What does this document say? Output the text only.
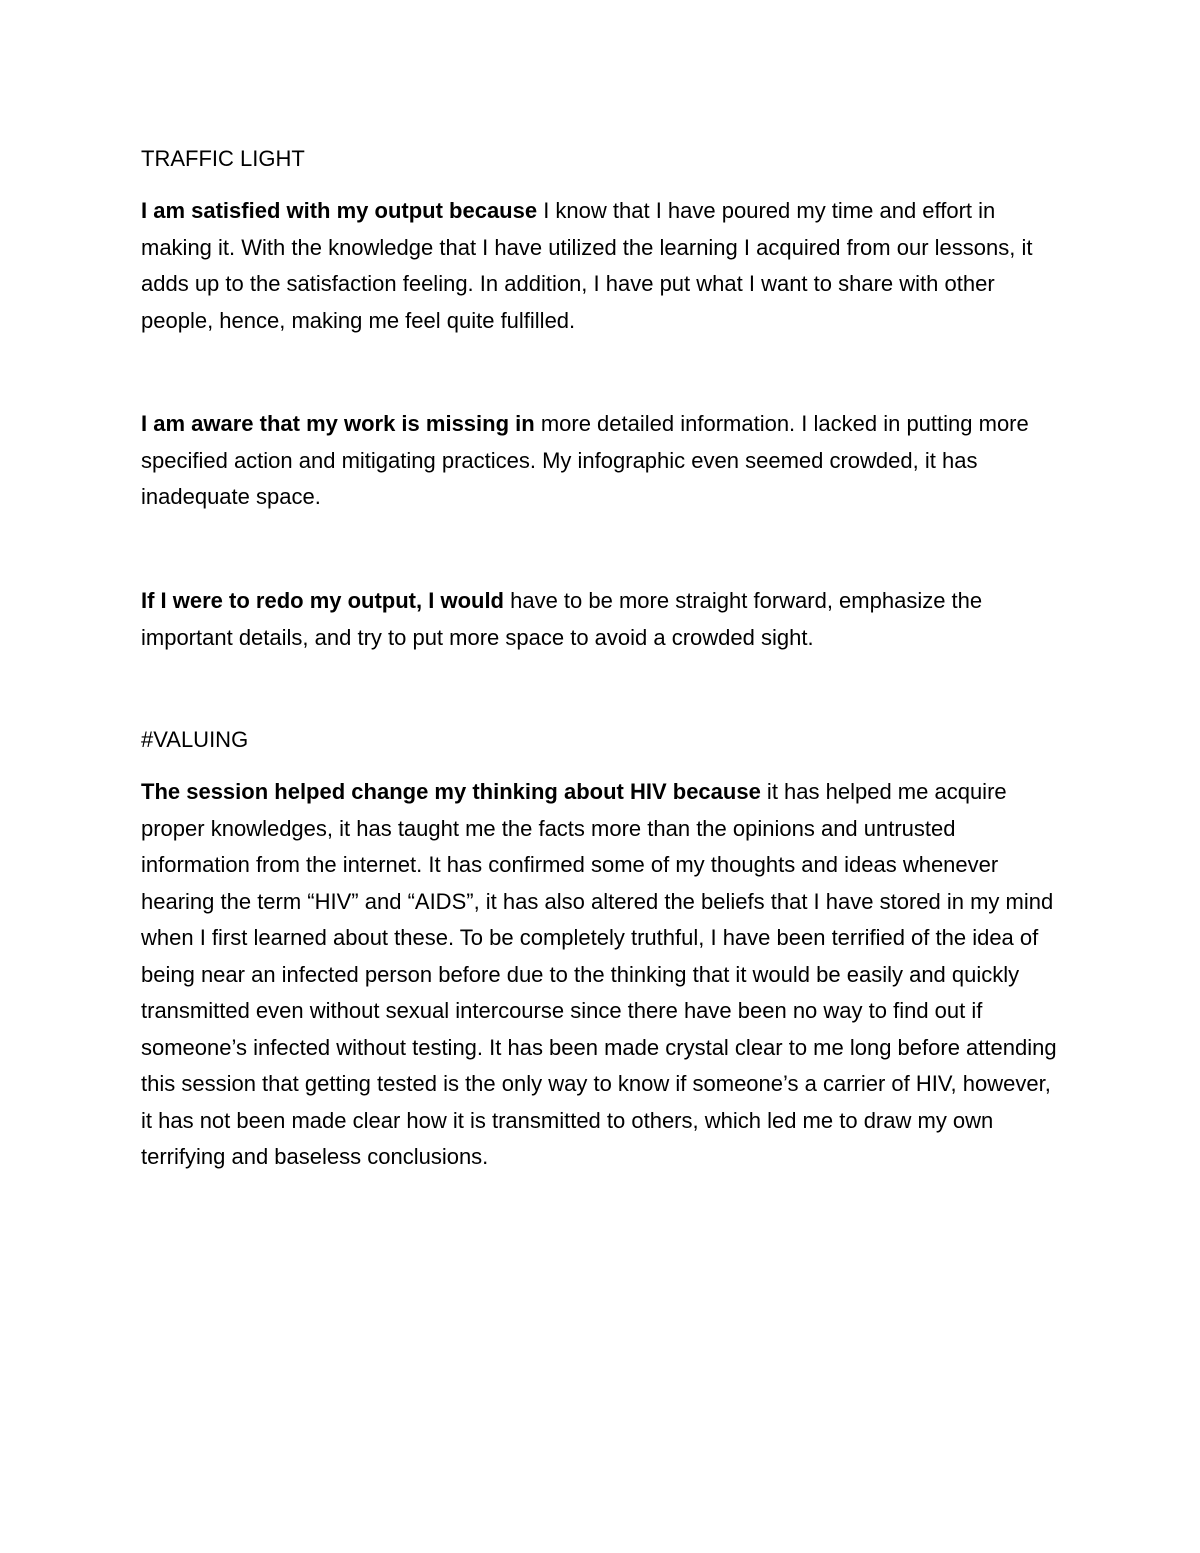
TRAFFIC LIGHT

I am satisfied with my output because I know that I have poured my time and effort in making it. With the knowledge that I have utilized the learning I acquired from our lessons, it adds up to the satisfaction feeling. In addition, I have put what I want to share with other people, hence, making me feel quite fulfilled.

I am aware that my work is missing in more detailed information. I lacked in putting more specified action and mitigating practices. My infographic even seemed crowded, it has inadequate space.

If I were to redo my output, I would have to be more straight forward, emphasize the important details, and try to put more space to avoid a crowded sight.

#VALUING

The session helped change my thinking about HIV because it has helped me acquire proper knowledges, it has taught me the facts more than the opinions and untrusted information from the internet. It has confirmed some of my thoughts and ideas whenever hearing the term “HIV” and “AIDS”, it has also altered the beliefs that I have stored in my mind when I first learned about these. To be completely truthful, I have been terrified of the idea of being near an infected person before due to the thinking that it would be easily and quickly transmitted even without sexual intercourse since there have been no way to find out if someone’s infected without testing. It has been made crystal clear to me long before attending this session that getting tested is the only way to know if someone’s a carrier of HIV, however, it has not been made clear how it is transmitted to others, which led me to draw my own terrifying and baseless conclusions.
